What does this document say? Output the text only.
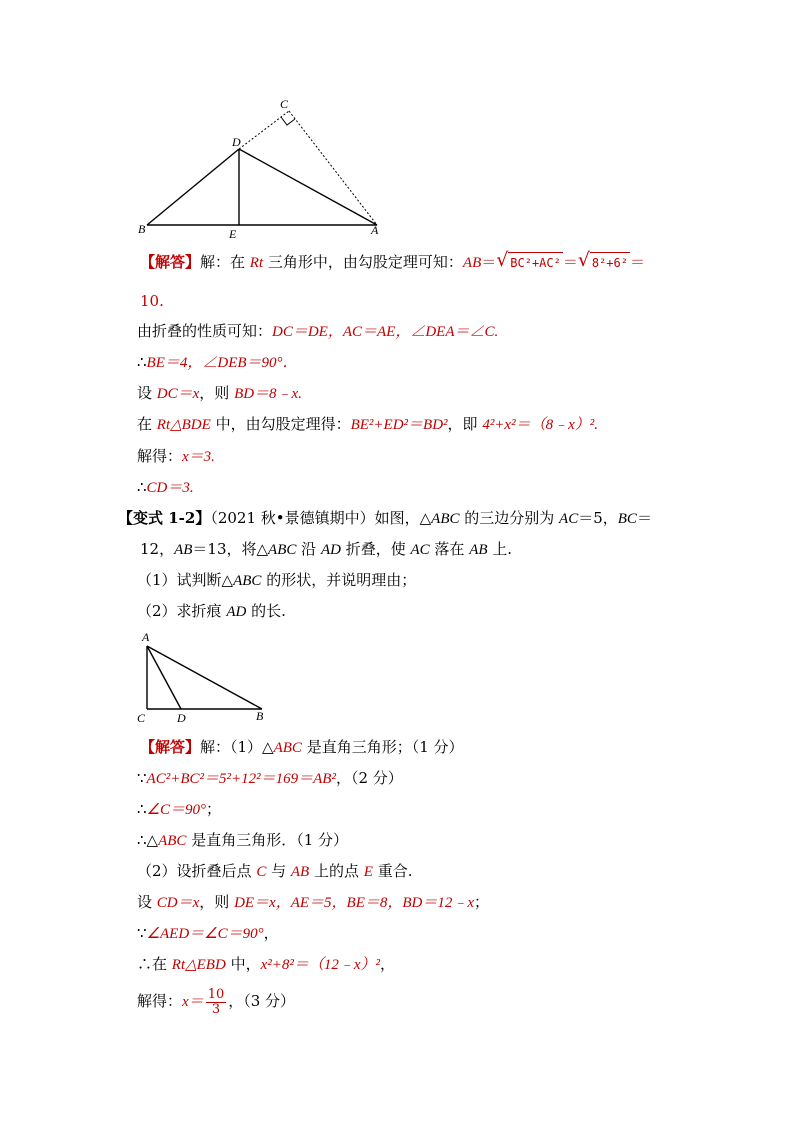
C
D
B	E	A
【解答】解：在 Rt 三角形中，由勾股定理可知：AB＝ √ BC²+AC² ＝ √ 8²+6² ＝
10.
由折叠的性质可知：DC＝DE，AC＝AE，∠DEA＝∠C.
∴BE＝4，∠DEB＝90°．
设 DC＝x，则 BD＝8﹣x.
在 Rt△BDE 中，由勾股定理得：BE²+ED²＝BD²，即 4²+x²＝（8﹣x）².
解得：x＝3.
∴CD＝3.
【变式 1-2】（2021 秋•景德镇期中）如图，△ABC 的三边分别为 AC＝5，BC＝
12，AB＝13，将△ABC 沿 AD 折叠，使 AC 落在 AB 上.
（1）试判断△ABC 的形状，并说明理由；
（2）求折痕 AD 的长.
A
C	D	B
【解答】解：（1）△ABC 是直角三角形；（1 分）
∵AC²+BC²＝5²+12²＝169＝AB²，（2 分）
∴∠C＝90°；
∴△ABC 是直角三角形．（1 分）
（2）设折叠后点 C 与 AB 上的点 E 重合.
设 CD＝x，则 DE＝x，AE＝5，BE＝8，BD＝12﹣x；
∵∠AED＝∠C＝90°，
∴在 Rt△EBD 中，x²+8²＝（12﹣x）²，
解得：$x= \frac{10}{3}$ ，（3 分）
